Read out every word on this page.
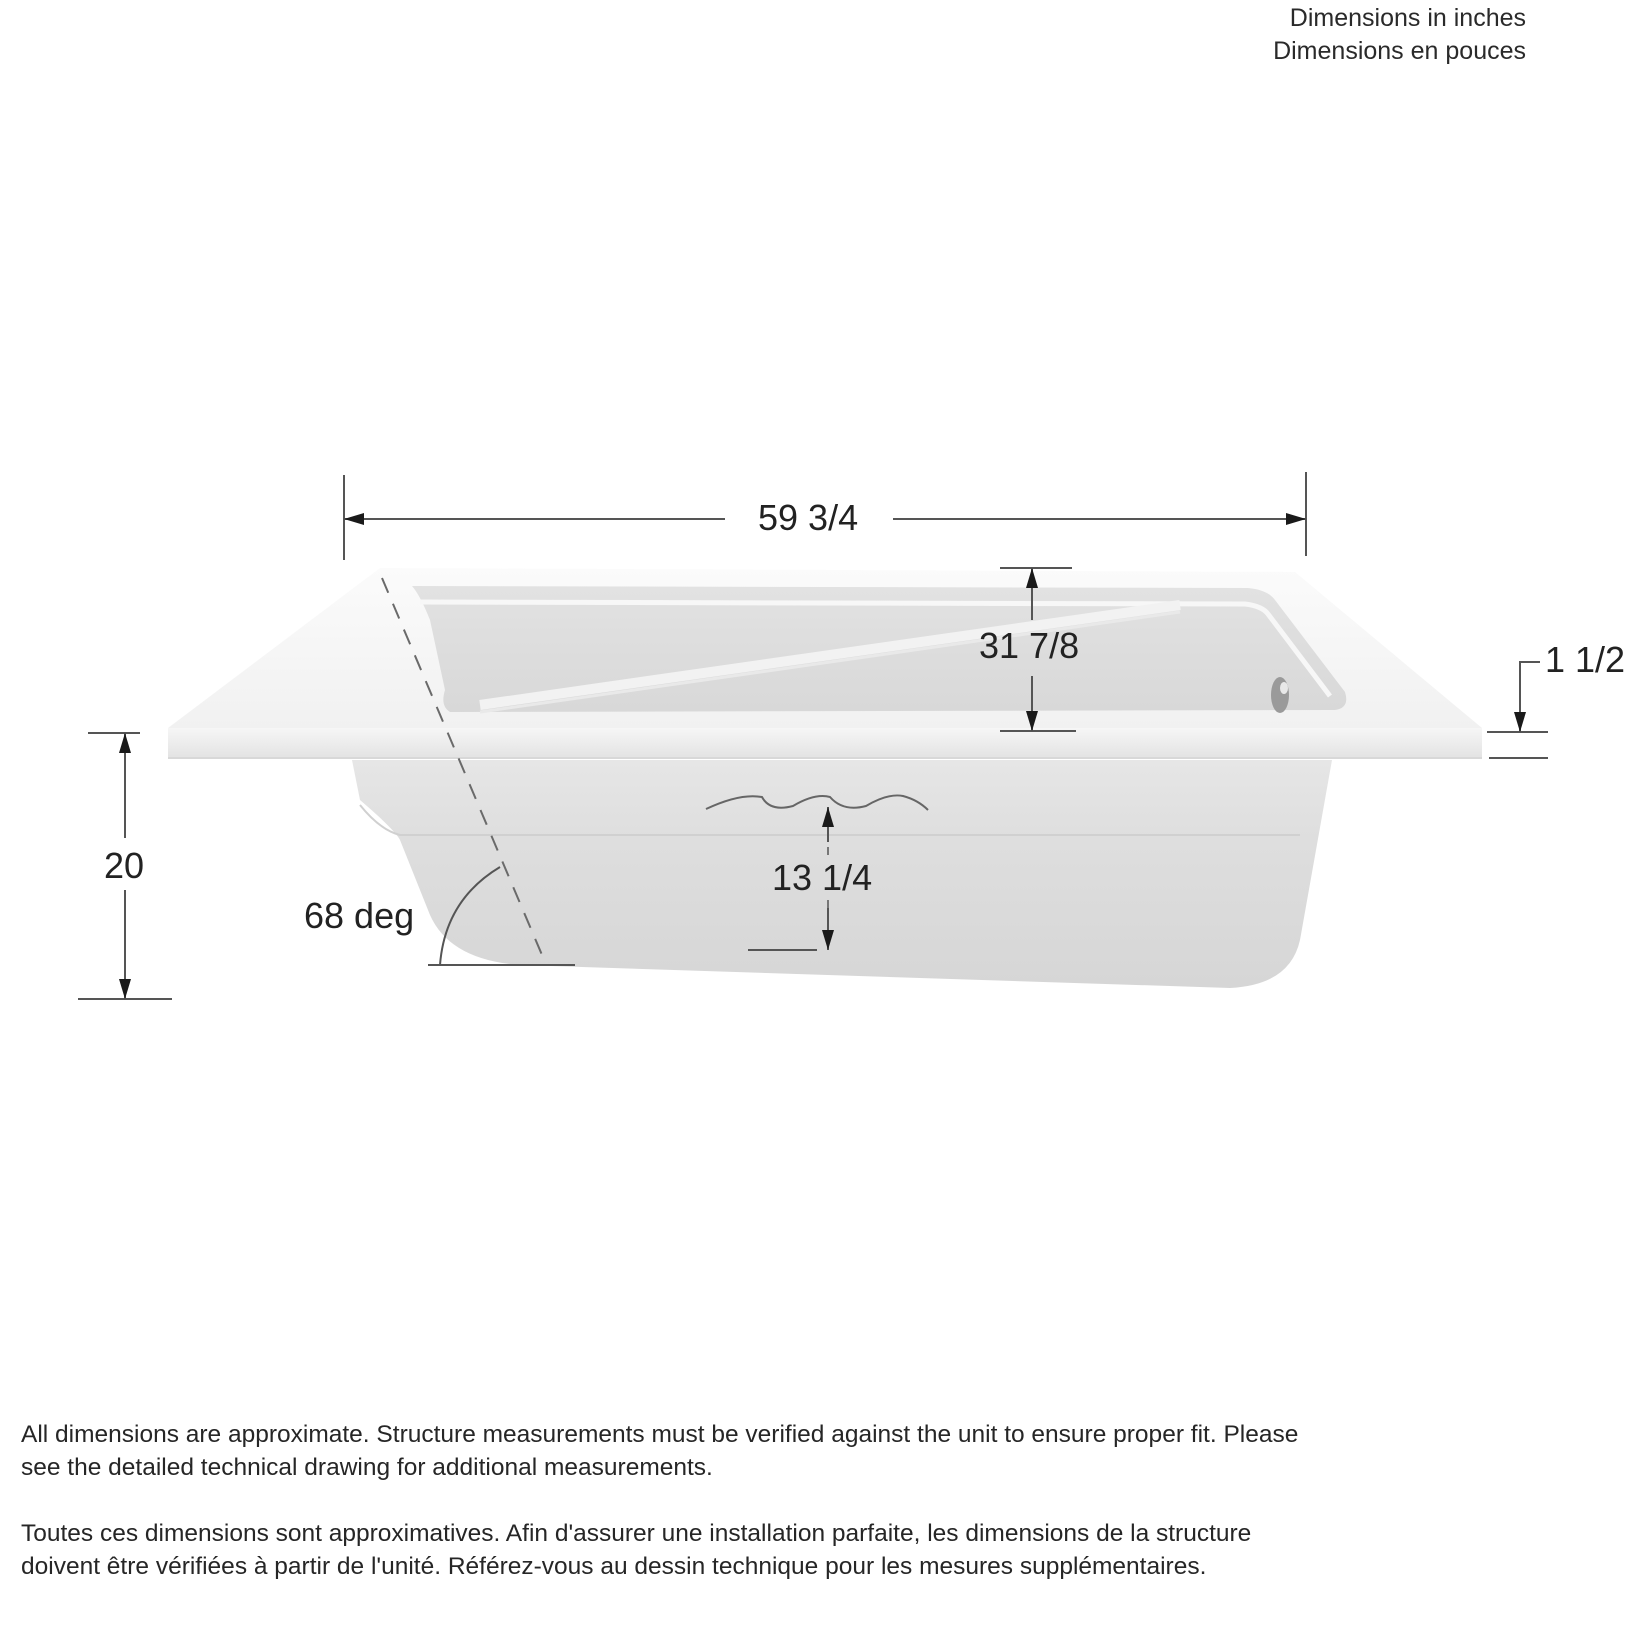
Dimensions in inches
Dimensions en pouces
59 3/4
31 7/8	1 1/2
20	13 1/4
68 deg

All dimensions are approximate. Structure measurements must be verified against the unit to ensure proper fit. Please see the detailed technical drawing for additional measurements.

Toutes ces dimensions sont approximatives. Afin d'assurer une installation parfaite, les dimensions de la structure doivent être vérifiées à partir de l'unité. Référez-vous au dessin technique pour les mesures supplémentaires.
